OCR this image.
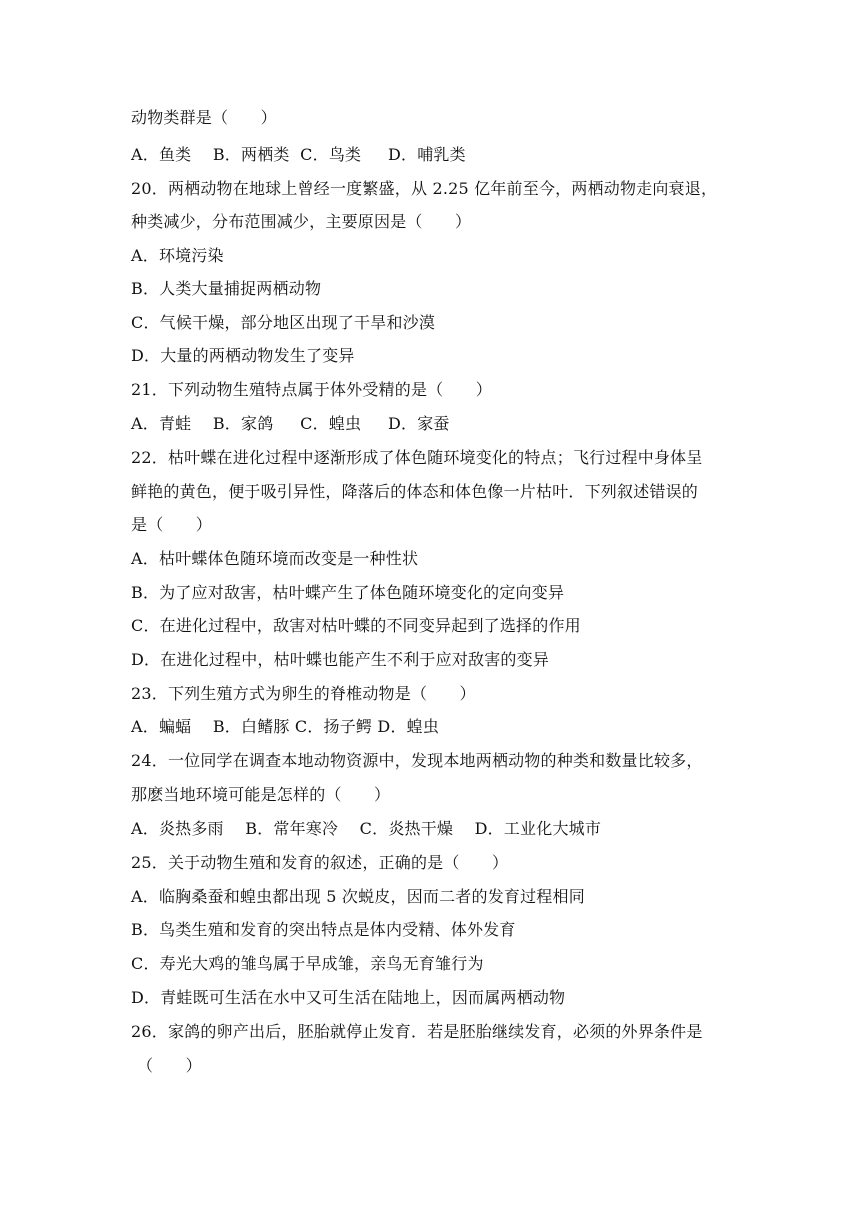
动物类群是（　　）
A．鱼类　 B．两栖类  C．鸟类　  D．哺乳类
20．两栖动物在地球上曾经一度繁盛，从 2.25 亿年前至今，两栖动物走向衰退，
种类减少，分布范围减少，主要原因是（　　）
A．环境污染
B．人类大量捕捉两栖动物
C．气候干燥，部分地区出现了干旱和沙漠
D．大量的两栖动物发生了变异
21．下列动物生殖特点属于体外受精的是（　　）
A．青蛙　 B．家鸽　  C．蝗虫　  D．家蚕
22．枯叶蝶在进化过程中逐渐形成了体色随环境变化的特点；飞行过程中身体呈
鲜艳的黄色，便于吸引异性，降落后的体态和体色像一片枯叶．下列叙述错误的
是（　　）
A．枯叶蝶体色随环境而改变是一种性状
B．为了应对敌害，枯叶蝶产生了体色随环境变化的定向变异
C．在进化过程中，敌害对枯叶蝶的不同变异起到了选择的作用
D．在进化过程中，枯叶蝶也能产生不利于应对敌害的变异
23．下列生殖方式为卵生的脊椎动物是（　　）
A．蝙蝠　 B．白鳍豚 C．扬子鳄 D．蝗虫
24．一位同学在调查本地动物资源中，发现本地两栖动物的种类和数量比较多，
那麽当地环境可能是怎样的（　　）
A．炎热多雨　 B．常年寒冷　 C．炎热干燥　 D．工业化大城市
25．关于动物生殖和发育的叙述，正确的是（　　）
A．临胸桑蚕和蝗虫都出现 5 次蜕皮，因而二者的发育过程相同
B．鸟类生殖和发育的突出特点是体内受精、体外发育
C．寿光大鸡的雏鸟属于早成雏，亲鸟无育雏行为
D．青蛙既可生活在水中又可生活在陆地上，因而属两栖动物
26．家鸽的卵产出后，胚胎就停止发育．若是胚胎继续发育，必须的外界条件是
（　　）
